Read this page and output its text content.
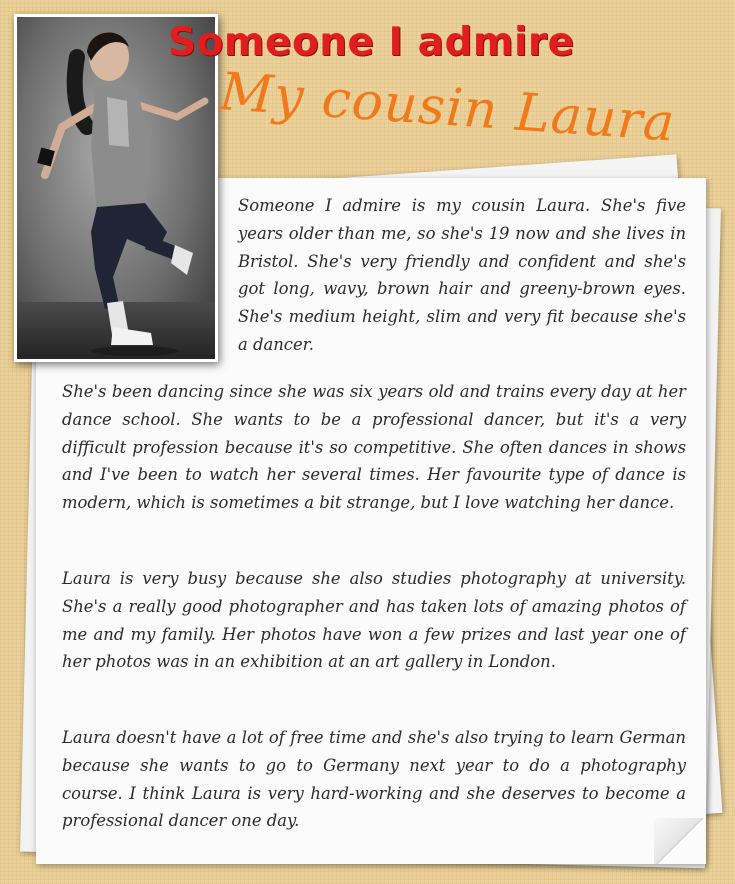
Someone I admire
My cousin Laura

Someone I admire is my cousin Laura. She's five years older than me, so she's 19 now and she lives in Bristol. She's very friendly and confident and she's got long, wavy, brown hair and greeny-brown eyes. She's medium height, slim and very fit because she's a dancer.

She's been dancing since she was six years old and trains every day at her dance school. She wants to be a professional dancer, but it's a very difficult profession because it's so competitive. She often dances in shows and I've been to watch her several times. Her favourite type of dance is modern, which is sometimes a bit strange, but I love watching her dance.

Laura is very busy because she also studies photography at university. She's a really good photographer and has taken lots of amazing photos of me and my family. Her photos have won a few prizes and last year one of her photos was in an exhibition at an art gallery in London.

Laura doesn't have a lot of free time and she's also trying to learn German because she wants to go to Germany next year to do a photography course. I think Laura is very hard-working and she deserves to become a professional dancer one day.
